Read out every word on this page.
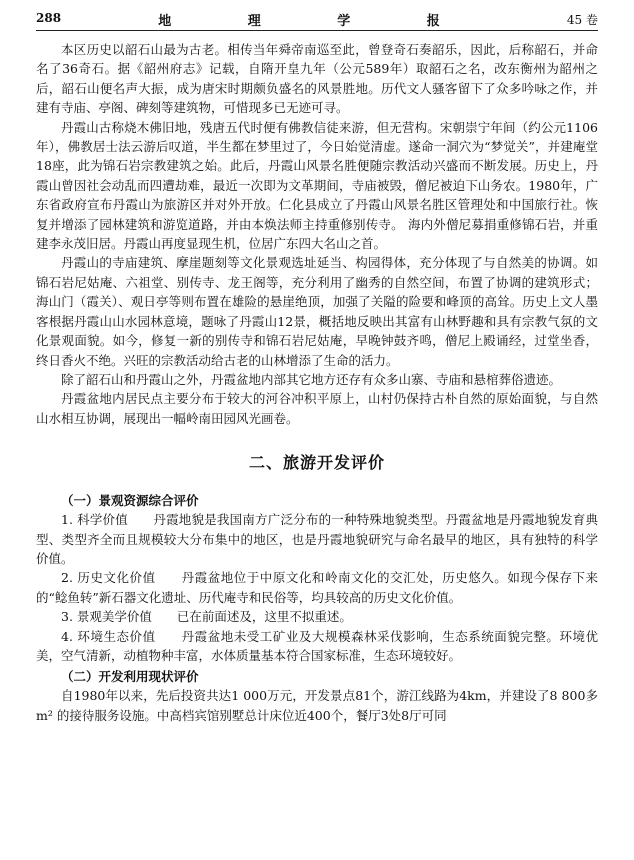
288	地 理 学 报	45 卷

本区历史以韶石山最为古老。相传当年舜帝南巡至此，曾登奇石奏韶乐，因此，后称韶石，并命名了36奇石。据《韶州府志》记载，自隋开皇九年（公元589年）取韶石之名，改东衡州为韶州之后，韶石山便名声大振，成为唐宋时期颇负盛名的风景胜地。历代文人骚客留下了众多吟咏之作，并建有寺庙、亭阁、碑刻等建筑物，可惜现多已无迹可寻。

丹霞山古称烧木佛旧地，残唐五代时便有佛教信徒来游，但无营构。宋朝崇宁年间（约公元1106年），佛教居士法云游后叹道，半生都在梦里过了，今日始觉清虚。遂命一洞穴为“梦觉关”，并建庵堂18座，此为锦石岩宗教建筑之始。此后，丹霞山风景名胜便随宗教活动兴盛而不断发展。历史上，丹霞山曾因社会动乱而四遭劫难，最近一次即为文革期间，寺庙被毁，僧尼被迫下山务农。1980年，广东省政府宣布丹霞山为旅游区并对外开放。仁化县成立了丹霞山风景名胜区管理处和中国旅行社。恢复并增添了园林建筑和游览道路，并由本焕法师主持重修别传寺。 海内外僧尼募捐重修锦石岩，并重建李永茂旧居。丹霞山再度显现生机，位居广东四大名山之首。

丹霞山的寺庙建筑、摩崖题刻等文化景观选址延当、构园得体，充分体现了与自然美的协调。如锦石岩尼姑庵、六祖堂、别传寺、龙王阁等，充分利用了幽秀的自然空间，布置了协调的建筑形式；海山门（霞关）、观日亭等则布置在雄险的悬崖绝顶，加强了关隘的险要和峰顶的高耸。历史上文人墨客根据丹霞山山水园林意境，题咏了丹霞山12景，概括地反映出其富有山林野趣和具有宗教气氛的文化景观面貌。如今，修复一新的别传寺和锦石岩尼姑庵，早晚钟鼓齐鸣，僧尼上殿诵经，过堂坐香，终日香火不绝。兴旺的宗教活动给古老的山林增添了生命的活力。

除了韶石山和丹霞山之外，丹霞盆地内部其它地方还存有众多山寨、寺庙和悬棺葬俗遗迹。

丹霞盆地内居民点主要分布于较大的河谷冲积平原上，山村仍保持古朴自然的原始面貌，与自然山水相互协调，展现出一幅岭南田园风光画卷。

二、旅游开发评价
（一）景观资源综合评价

1. 科学价值　　丹霞地貌是我国南方广泛分布的一种特殊地貌类型。丹霞盆地是丹霞地貌发育典型、类型齐全而且规模较大分布集中的地区，也是丹霞地貌研究与命名最早的地区，具有独特的科学价值。

2. 历史文化价值　　丹霞盆地位于中原文化和岭南文化的交汇处，历史悠久。如现今保存下来的“鲶鱼转”新石器文化遗址、历代庵寺和民俗等，均具较高的历史文化价值。

3. 景观美学价值　　已在前面述及，这里不拟重述。

4. 环境生态价值　　丹霞盆地未受工矿业及大规模森林采伐影响，生态系统面貌完整。环境优美，空气清新，动植物种丰富，水体质量基本符合国家标准，生态环境较好。

（二）开发利用现状评价

自1980年以来，先后投资共达1 000万元，开发景点81个，游江线路为4km，并建设了8 800多 m² 的接待服务设施。中高档宾馆别墅总计床位近400个，餐厅3处8厅可同
